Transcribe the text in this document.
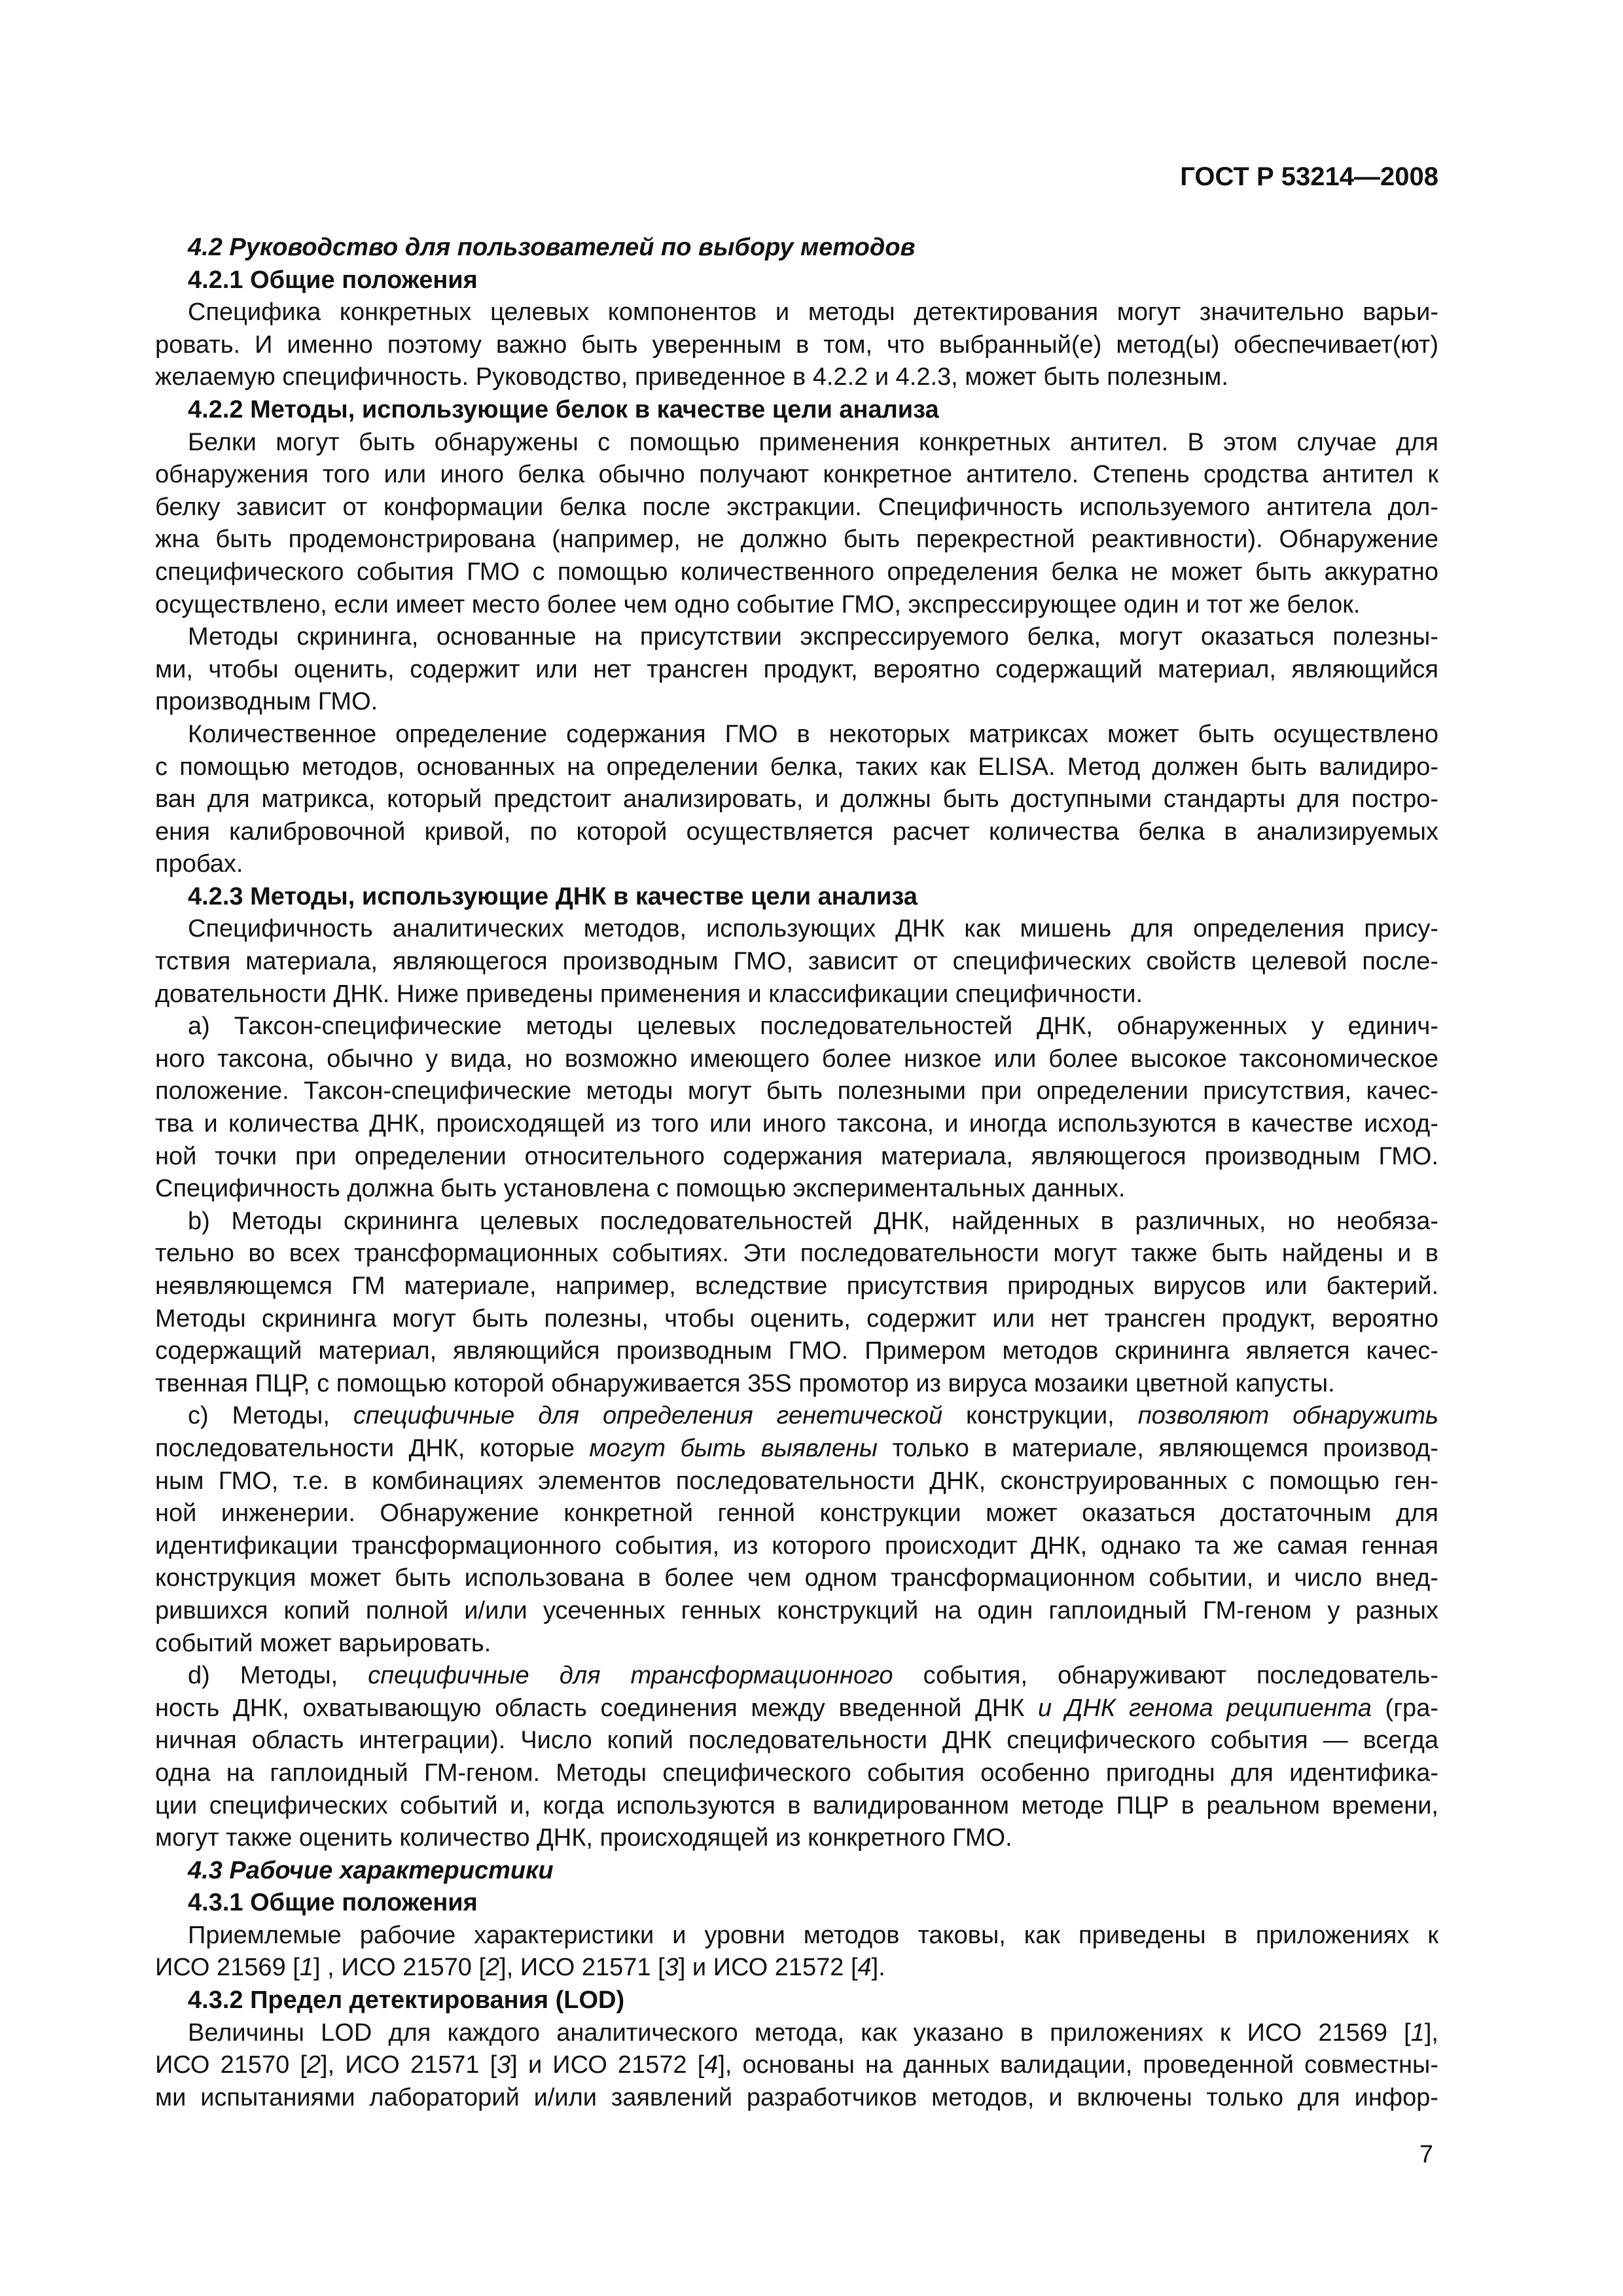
ГОСТ Р 53214—2008
4.2 Руководство для пользователей по выбору методов
4.2.1 Общие положения
Специфика конкретных целевых компонентов и методы детектирования могут значительно варьи-
ровать. И именно поэтому важно быть уверенным в том, что выбранный(е) метод(ы) обеспечивает(ют)
желаемую специфичность. Руководство, приведенное в 4.2.2 и 4.2.3, может быть полезным.
4.2.2 Методы, использующие белок в качестве цели анализа
Белки могут быть обнаружены с помощью применения конкретных антител. В этом случае для
обнаружения того или иного белка обычно получают конкретное антитело. Степень сродства антител к
белку зависит от конформации белка после экстракции. Специфичность используемого антитела дол-
жна быть продемонстрирована (например, не должно быть перекрестной реактивности). Обнаружение
специфического события ГМО с помощью количественного определения белка не может быть аккуратно
осуществлено, если имеет место более чем одно событие ГМО, экспрессирующее один и тот же белок.
Методы скрининга, основанные на присутствии экспрессируемого белка, могут оказаться полезны-
ми, чтобы оценить, содержит или нет трансген продукт, вероятно содержащий материал, являющийся
производным ГМО.
Количественное определение содержания ГМО в некоторых матриксах может быть осуществлено
с помощью методов, основанных на определении белка, таких как ELISA. Метод должен быть валидиро-
ван для матрикса, который предстоит анализировать, и должны быть доступными стандарты для постро-
ения калибровочной кривой, по которой осуществляется расчет количества белка в анализируемых
пробах.
4.2.3 Методы, использующие ДНК в качестве цели анализа
Специфичность аналитических методов, использующих ДНК как мишень для определения прису-
тствия материала, являющегося производным ГМО, зависит от специфических свойств целевой после-
довательности ДНК. Ниже приведены применения и классификации специфичности.
a) Таксон-специфические методы целевых последовательностей ДНК, обнаруженных у единич-
ного таксона, обычно у вида, но возможно имеющего более низкое или более высокое таксономическое
положение. Таксон-специфические методы могут быть полезными при определении присутствия, качес-
тва и количества ДНК, происходящей из того или иного таксона, и иногда используются в качестве исход-
ной точки при определении относительного содержания материала, являющегося производным ГМО.
Специфичность должна быть установлена с помощью экспериментальных данных.
b) Методы скрининга целевых последовательностей ДНК, найденных в различных, но необяза-
тельно во всех трансформационных событиях. Эти последовательности могут также быть найдены и в
неявляющемся ГМ материале, например, вследствие присутствия природных вирусов или бактерий.
Методы скрининга могут быть полезны, чтобы оценить, содержит или нет трансген продукт, вероятно
содержащий материал, являющийся производным ГМО. Примером методов скрининга является качес-
твенная ПЦР, с помощью которой обнаруживается 35S промотор из вируса мозаики цветной капусты.
c) Методы, специфичные для определения генетической конструкции, позволяют обнаружить
последовательности ДНК, которые могут быть выявлены только в материале, являющемся производ-
ным ГМО, т.е. в комбинациях элементов последовательности ДНК, сконструированных с помощью ген-
ной инженерии. Обнаружение конкретной генной конструкции может оказаться достаточным для
идентификации трансформационного события, из которого происходит ДНК, однако та же самая генная
конструкция может быть использована в более чем одном трансформационном событии, и число внед-
рившихся копий полной и/или усеченных генных конструкций на один гаплоидный ГМ-геном у разных
событий может варьировать.
d) Методы, специфичные для трансформационного события, обнаруживают последователь-
ность ДНК, охватывающую область соединения между введенной ДНК и ДНК генома реципиента (гра-
ничная область интеграции). Число копий последовательности ДНК специфического события — всегда
одна на гаплоидный ГМ-геном. Методы специфического события особенно пригодны для идентифика-
ции специфических событий и, когда используются в валидированном методе ПЦР в реальном времени,
могут также оценить количество ДНК, происходящей из конкретного ГМО.
4.3 Рабочие характеристики
4.3.1 Общие положения
Приемлемые рабочие характеристики и уровни методов таковы, как приведены в приложениях к
ИСО 21569 [1] , ИСО 21570 [2], ИСО 21571 [3] и ИСО 21572 [4].
4.3.2 Предел детектирования (LOD)
Величины LOD для каждого аналитического метода, как указано в приложениях к ИСО 21569 [1],
ИСО 21570 [2], ИСО 21571 [3] и ИСО 21572 [4], основаны на данных валидации, проведенной совместны-
ми испытаниями лабораторий и/или заявлений разработчиков методов, и включены только для инфор-
7
